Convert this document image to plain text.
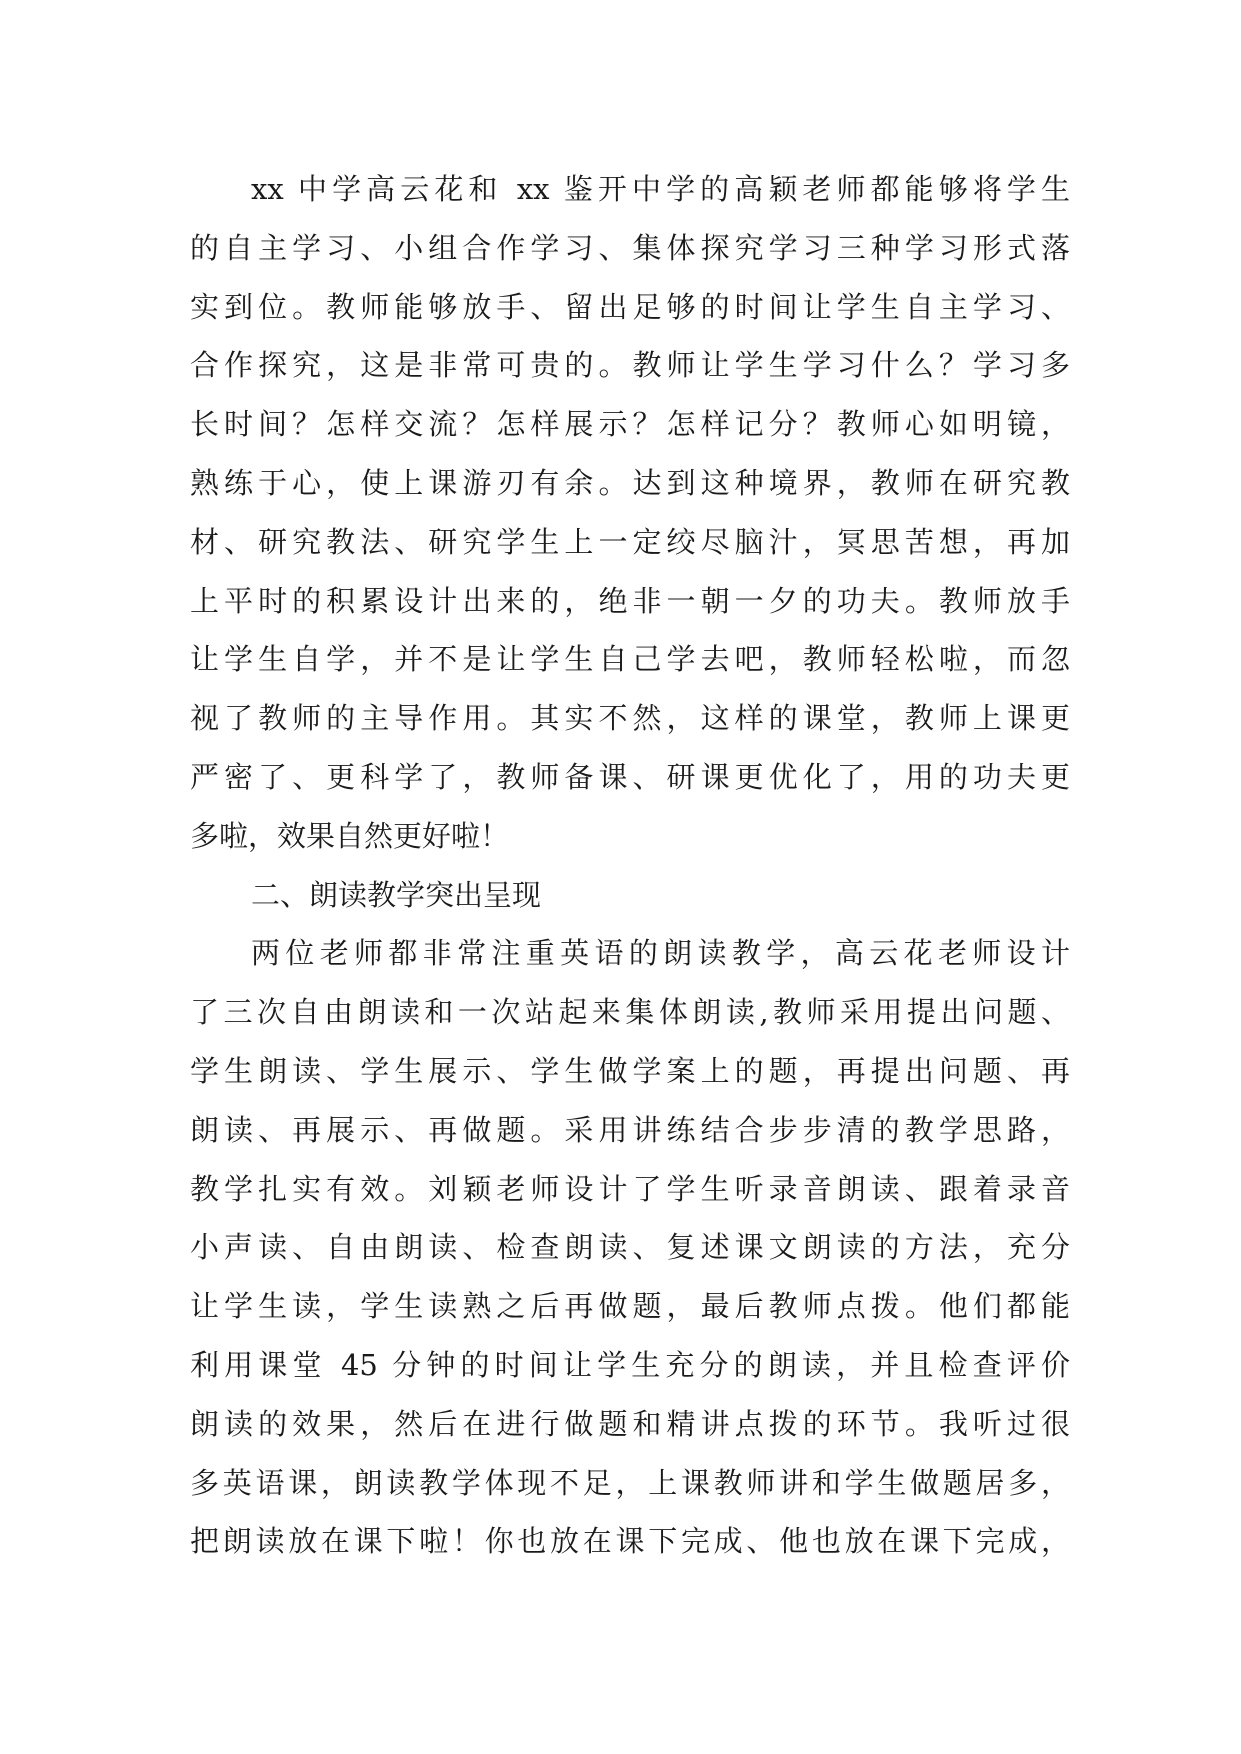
xx 中学高云花和 xx 鉴开中学的高颖老师都能够将学生
的自主学习、小组合作学习、集体探究学习三种学习形式落
实到位。教师能够放手、留出足够的时间让学生自主学习、
合作探究，这是非常可贵的。教师让学生学习什么？学习多
长时间？怎样交流？怎样展示？怎样记分？教师心如明镜，
熟练于心，使上课游刃有余。达到这种境界，教师在研究教
材、研究教法、研究学生上一定绞尽脑汁，冥思苦想，再加
上平时的积累设计出来的，绝非一朝一夕的功夫。教师放手
让学生自学，并不是让学生自己学去吧，教师轻松啦，而忽
视了教师的主导作用。其实不然，这样的课堂，教师上课更
严密了、更科学了，教师备课、研课更优化了，用的功夫更
多啦，效果自然更好啦！
二、朗读教学突出呈现
两位老师都非常注重英语的朗读教学，高云花老师设计
了三次自由朗读和一次站起来集体朗读,教师采用提出问题、
学生朗读、学生展示、学生做学案上的题，再提出问题、再
朗读、再展示、再做题。采用讲练结合步步清的教学思路，
教学扎实有效。刘颖老师设计了学生听录音朗读、跟着录音
小声读、自由朗读、检查朗读、复述课文朗读的方法，充分
让学生读，学生读熟之后再做题，最后教师点拨。他们都能
利用课堂 45 分钟的时间让学生充分的朗读，并且检查评价
朗读的效果，然后在进行做题和精讲点拨的环节。我听过很
多英语课，朗读教学体现不足，上课教师讲和学生做题居多，
把朗读放在课下啦！你也放在课下完成、他也放在课下完成，
